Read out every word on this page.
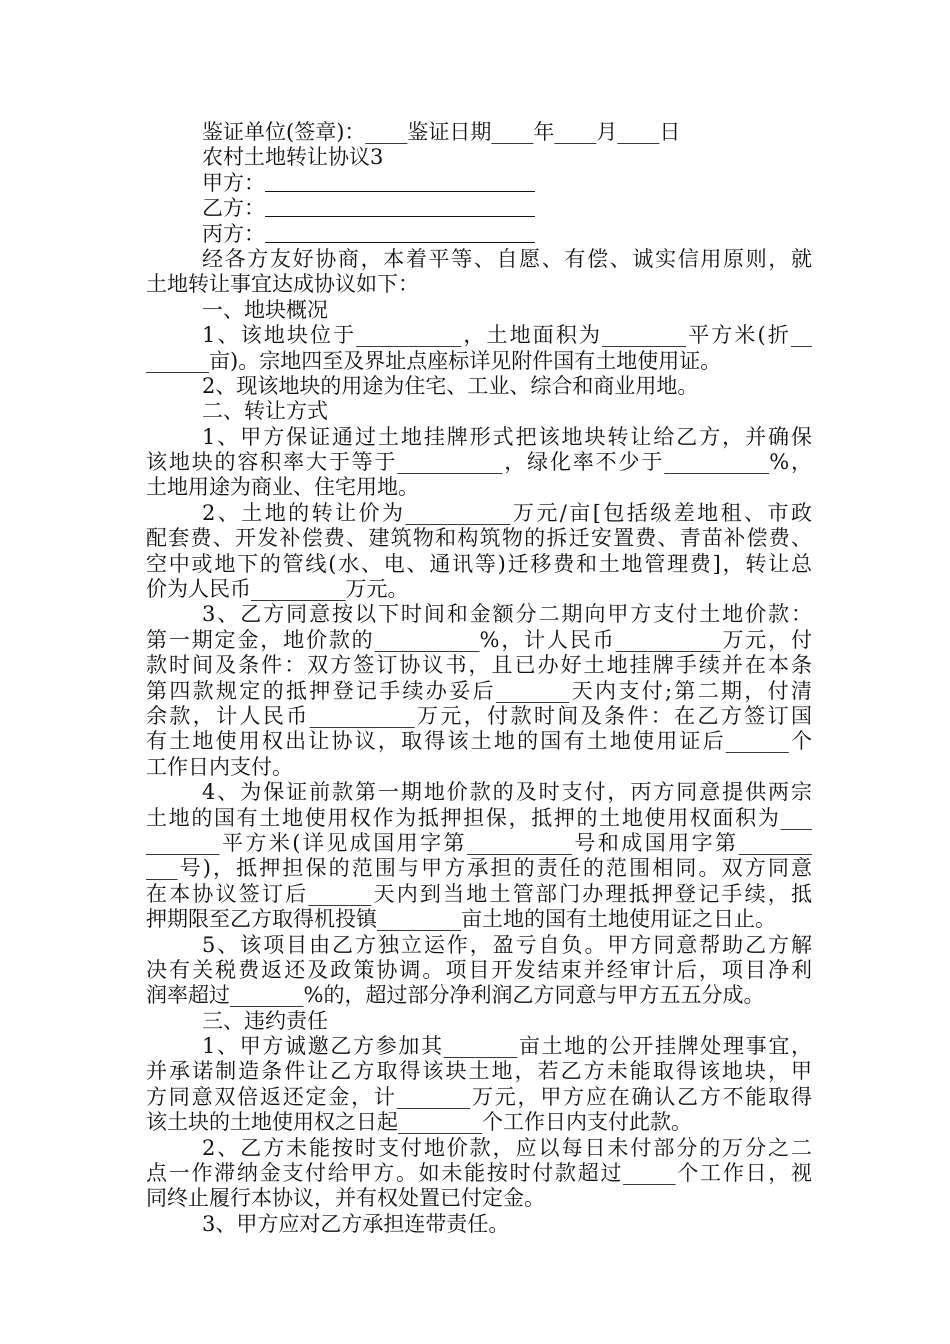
鉴证单位(签章)：____鉴证日期____年____月____日
农村土地转让协议3
甲方：
乙方：
丙方：
经各方友好协商，本着平等、自愿、有偿、诚实信用原则，就
土地转让事宜达成协议如下：
一、地块概况
1、该地块位于__________，土地面积为________平方米(折__
______亩)。宗地四至及界址点座标详见附件国有土地使用证。
2、现该地块的用途为住宅、工业、综合和商业用地。
二、转让方式
1、甲方保证通过土地挂牌形式把该地块转让给乙方，并确保
该地块的容积率大于等于__________，绿化率不少于__________%，
土地用途为商业、住宅用地。
2、土地的转让价为__________万元/亩[包括级差地租、市政
配套费、开发补偿费、建筑物和构筑物的拆迁安置费、青苗补偿费、
空中或地下的管线(水、电、通讯等)迁移费和土地管理费]，转让总
价为人民币_________万元。
3、乙方同意按以下时间和金额分二期向甲方支付土地价款：
第一期定金，地价款的__________%，计人民币__________万元，付
款时间及条件：双方签订协议书，且已办好土地挂牌手续并在本条
第四款规定的抵押登记手续办妥后_______天内支付;第二期，付清
余款，计人民币__________万元，付款时间及条件：在乙方签订国
有土地使用权出让协议，取得该土地的国有土地使用证后______个
工作日内支付。
4、为保证前款第一期地价款的及时支付，丙方同意提供两宗
土地的国有土地使用权作为抵押担保，抵押的土地使用权面积为___
_______平方米(详见成国用字第__________号和成国用字第_______
___号)，抵押担保的范围与甲方承担的责任的范围相同。双方同意
在本协议签订后______天内到当地土管部门办理抵押登记手续，抵
押期限至乙方取得机投镇________亩土地的国有土地使用证之日止。
5、该项目由乙方独立运作，盈亏自负。甲方同意帮助乙方解
决有关税费返还及政策协调。项目开发结束并经审计后，项目净利
润率超过_______%的，超过部分净利润乙方同意与甲方五五分成。
三、违约责任
1、甲方诚邀乙方参加其_______亩土地的公开挂牌处理事宜，
并承诺制造条件让乙方取得该块土地，若乙方未能取得该地块，甲
方同意双倍返还定金，计_______万元，甲方应在确认乙方不能取得
该土块的土地使用权之日起________个工作日内支付此款。
2、乙方未能按时支付地价款，应以每日未付部分的万分之二
点一作滞纳金支付给甲方。如未能按时付款超过_____个工作日，视
同终止履行本协议，并有权处置已付定金。
3、甲方应对乙方承担连带责任。
